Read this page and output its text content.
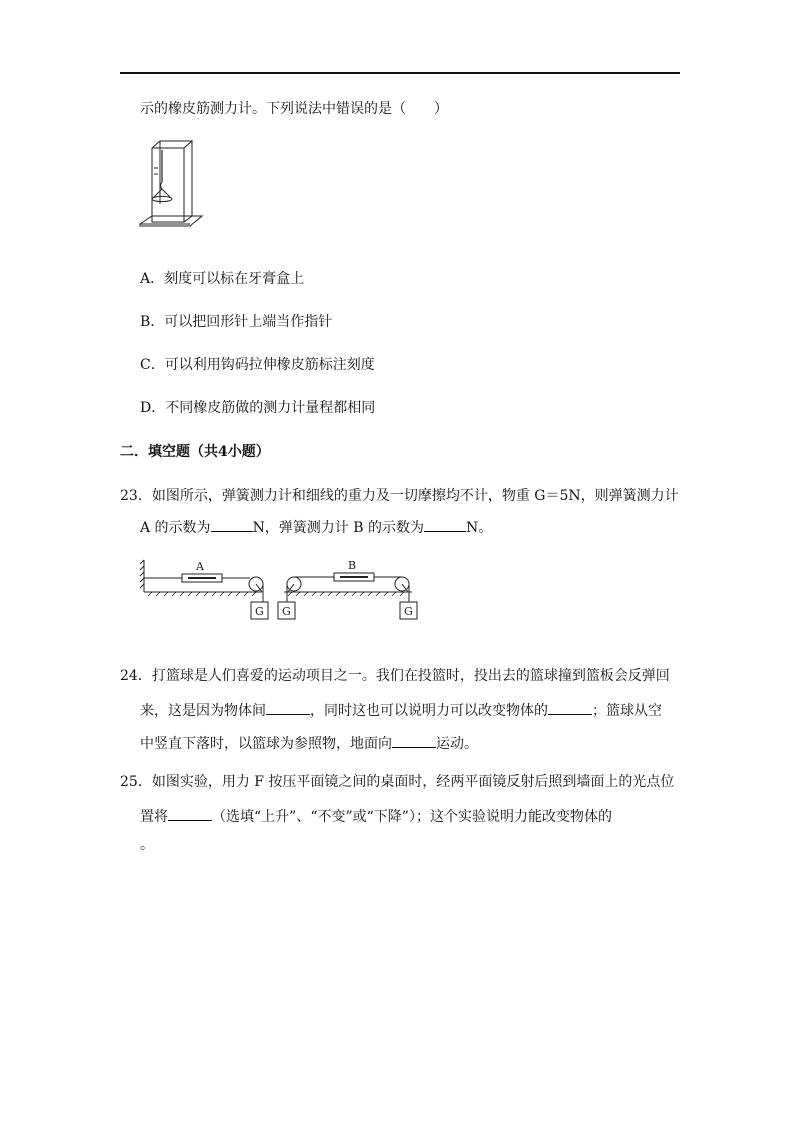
示的橡皮筋测力计。下列说法中错误的是（　　）
A．刻度可以标在牙膏盒上
B．可以把回形针上端当作指针
C．可以利用钩码拉伸橡皮筋标注刻度
D．不同橡皮筋做的测力计量程都相同
二．填空题（共4小题）
23．如图所示，弹簧测力计和细线的重力及一切摩擦均不计，物重 G＝5N，则弹簧测力计
A 的示数为	N，弹簧测力计 B 的示数为	N。
A	B
G G	G
24．打篮球是人们喜爱的运动项目之一。我们在投篮时，投出去的篮球撞到篮板会反弹回
来，这是因为物体间	，同时这也可以说明力可以改变物体的	；篮球从空
中竖直下落时，以篮球为参照物，地面向	运动。
25．如图实验，用力 F 按压平面镜之间的桌面时，经两平面镜反射后照到墙面上的光点位
置将	（选填“上升”、“不变”或“下降”）；这个实验说明力能改变物体的
。
